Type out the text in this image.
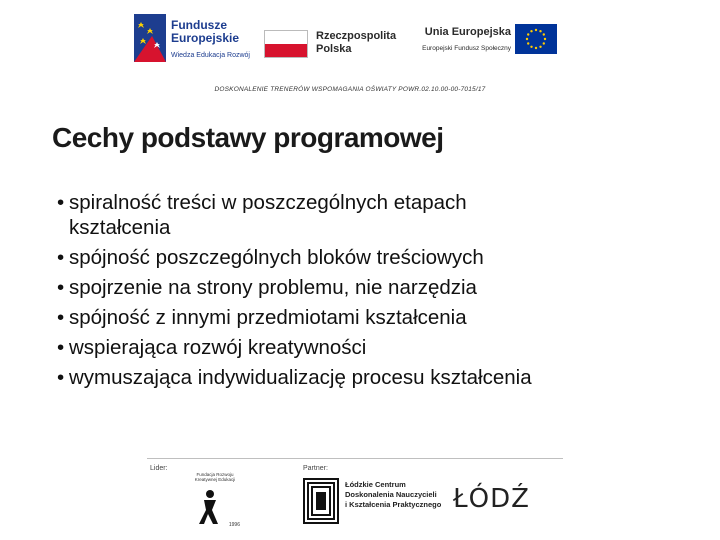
Fundusze
Europejskie
Wiedza Edukacja Rozwój
Rzeczpospolita
Polska
Unia Europejska
Europejski Fundusz Społeczny
DOSKONALENIE TRENERÓW WSPOMAGANIA OŚWIATY POWR.02.10.00-00-7015/17
Cechy podstawy programowej
• spiralność treści w poszczególnych etapach
kształcenia
• spójność poszczególnych bloków treściowych
• spojrzenie na strony problemu, nie narzędzia
• spójność z innymi przedmiotami kształcenia
• wspierająca rozwój kreatywności
• wymuszająca indywidualizację procesu kształcenia
Lider:	Partner:
Fundacja Rozwoju Kreatywnej Edukacji
1996
Łódzkie Centrum
Doskonalenia Nauczycieli
i Kształcenia Praktycznego ŁÓDŹ
